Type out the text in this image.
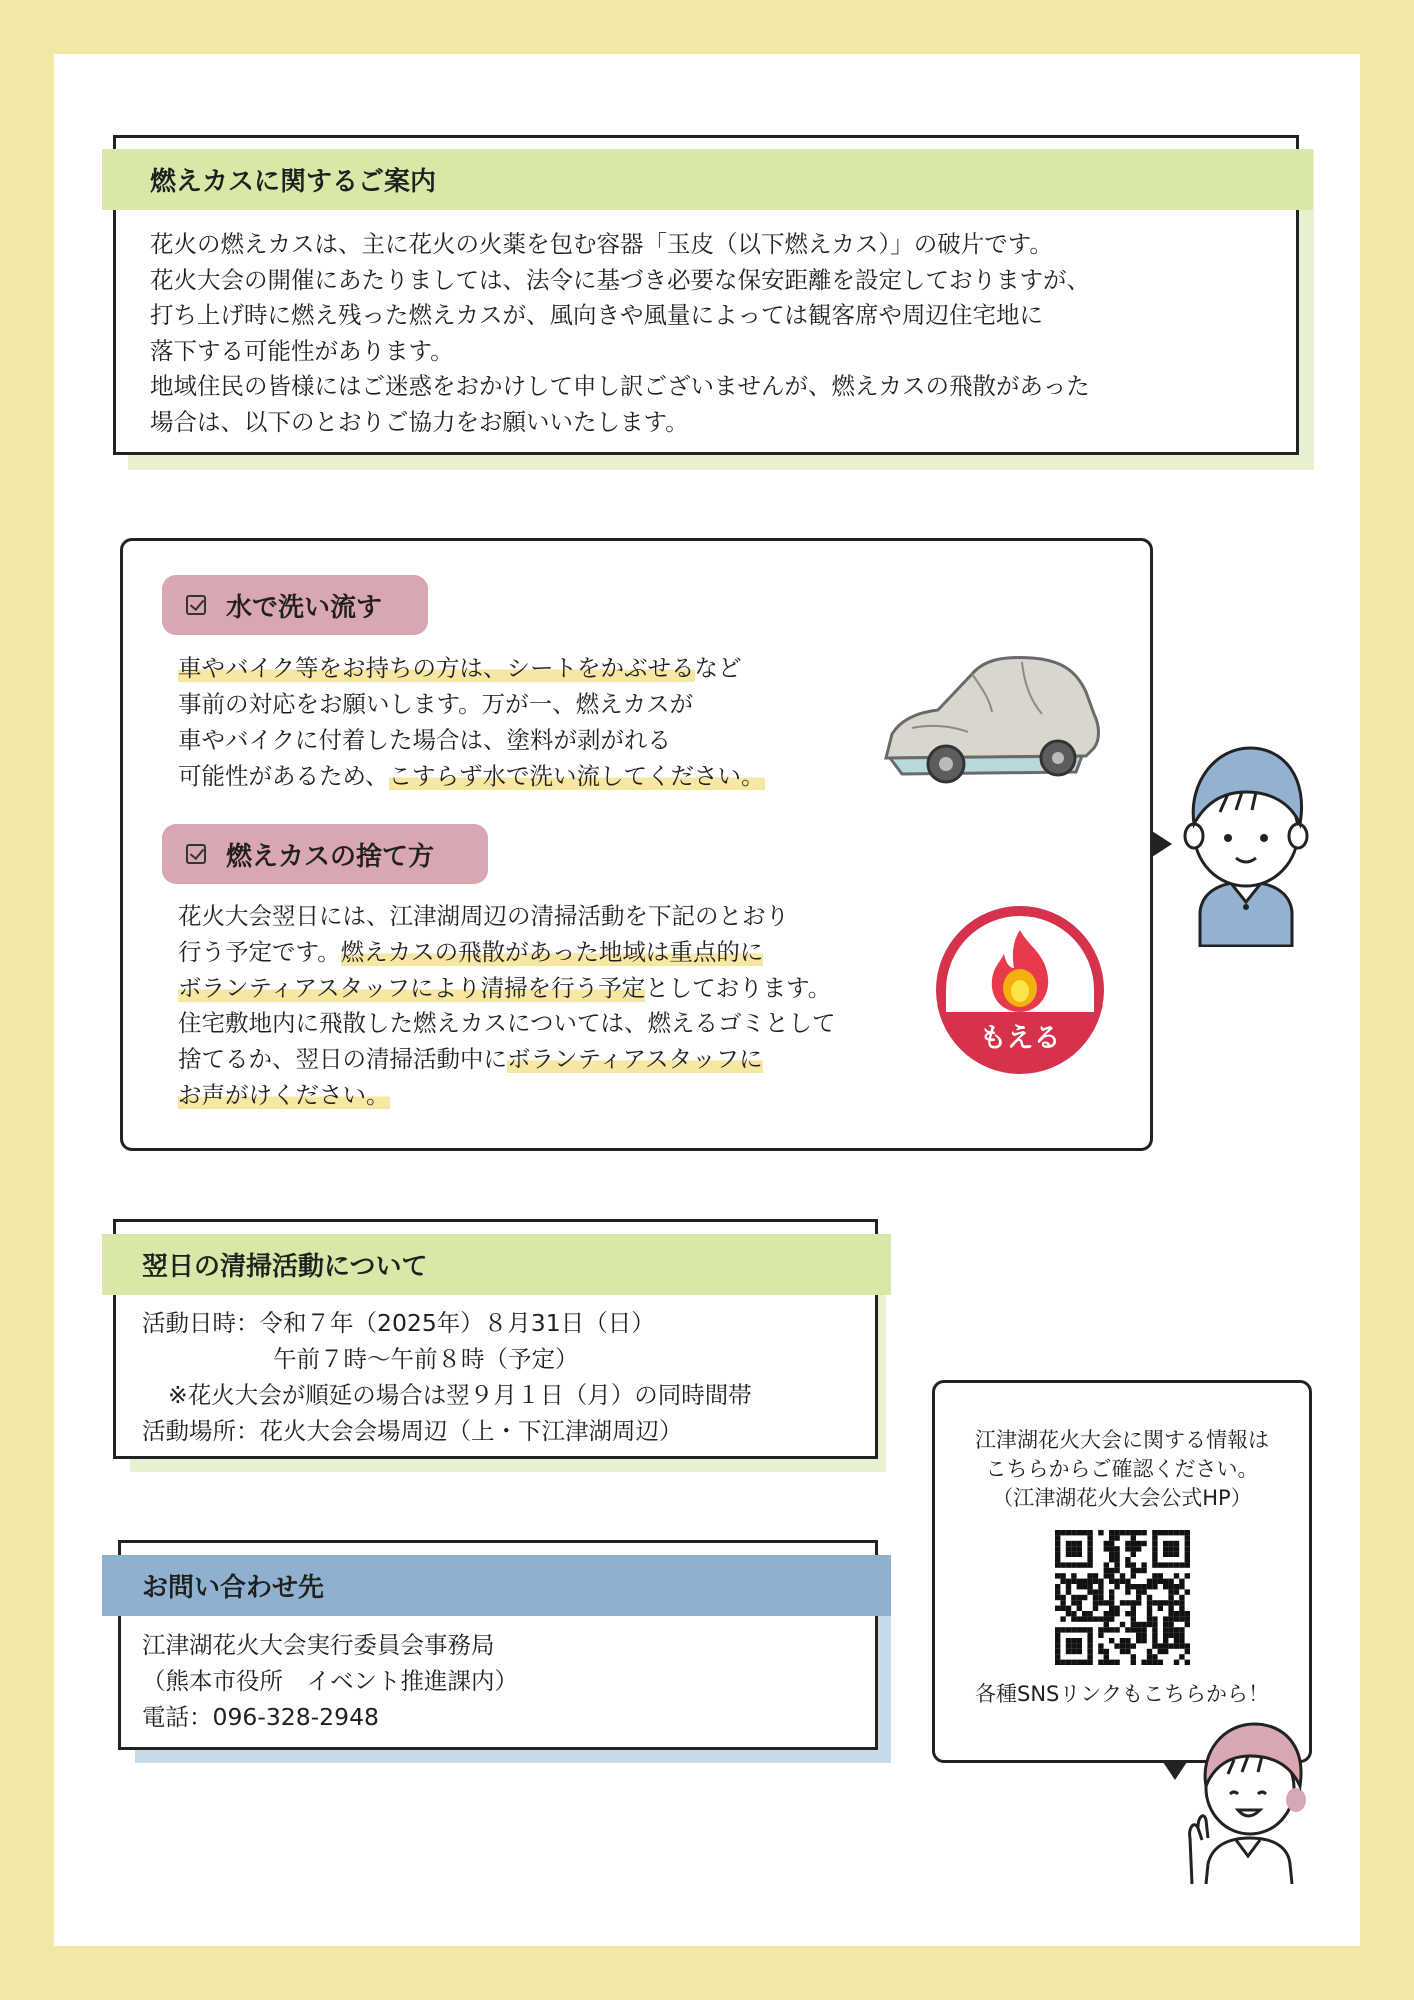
燃えカスに関するご案内
花火の燃えカスは、主に花火の火薬を包む容器「玉皮（以下燃えカス）」の破片です。
花火大会の開催にあたりましては、法令に基づき必要な保安距離を設定しておりますが、
打ち上げ時に燃え残った燃えカスが、風向きや風量によっては観客席や周辺住宅地に
落下する可能性があります。
地域住民の皆様にはご迷惑をおかけして申し訳ございませんが、燃えカスの飛散があった
場合は、以下のとおりご協力をお願いいたします。
水で洗い流す
車やバイク等をお持ちの方は、シートをかぶせるなど
事前の対応をお願いします。万が一、燃えカスが
車やバイクに付着した場合は、塗料が剥がれる
可能性があるため、こすらず水で洗い流してください。
燃えカスの捨て方
花火大会翌日には、江津湖周辺の清掃活動を下記のとおり
行う予定です。燃えカスの飛散があった地域は重点的に
ボランティアスタッフにより清掃を行う予定としております。
住宅敷地内に飛散した燃えカスについては、燃えるゴミとして
捨てるか、翌日の清掃活動中にボランティアスタッフに
お声がけください。
もえる
翌日の清掃活動について
活動日時：令和７年（2025年）８月31日（日）
午前７時〜午前８時（予定）
※花火大会が順延の場合は翌９月１日（月）の同時間帯
活動場所：花火大会会場周辺（上・下江津湖周辺）
お問い合わせ先
江津湖花火大会実行委員会事務局
（熊本市役所　イベント推進課内）
電話：096-328-2948
江津湖花火大会に関する情報は
こちらからご確認ください。
（江津湖花火大会公式HP）
各種SNSリンクもこちらから！
